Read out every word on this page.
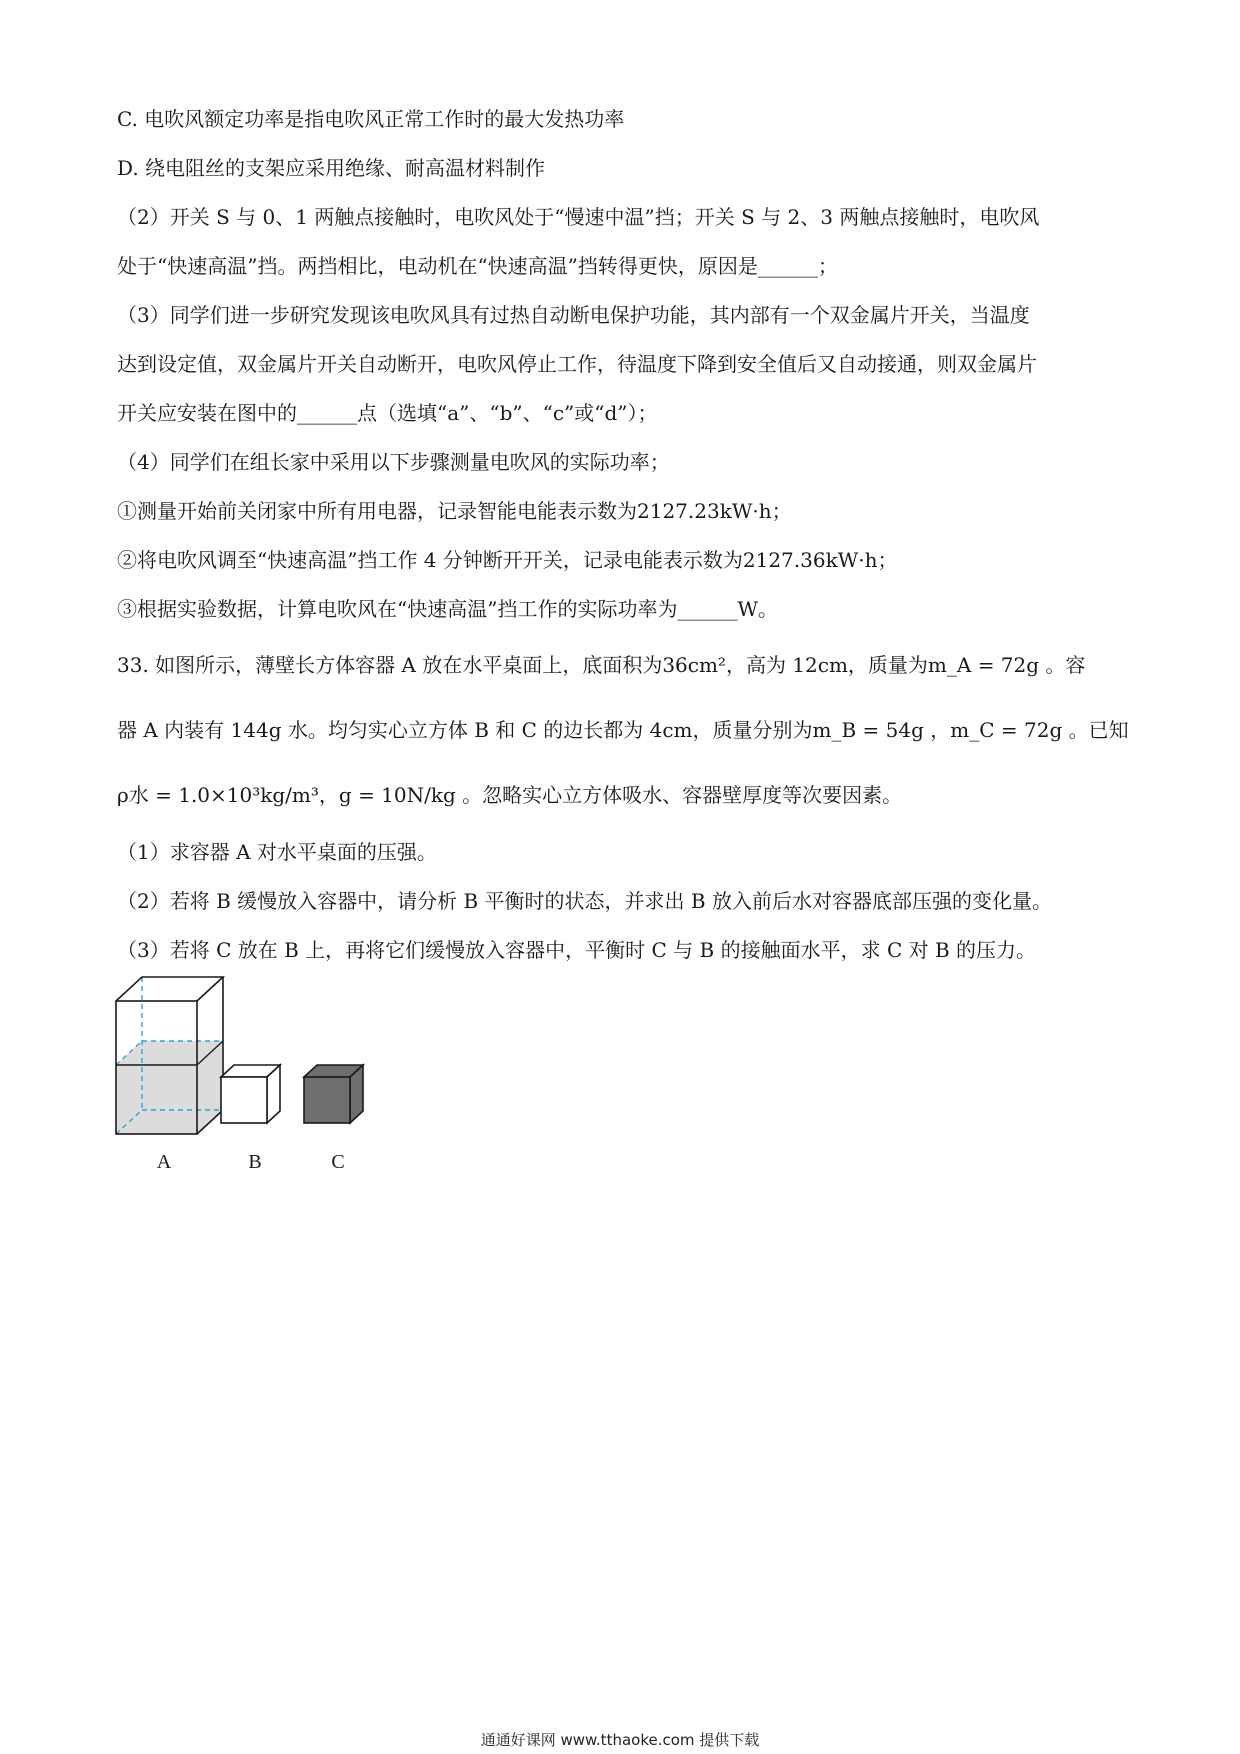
C. 电吹风额定功率是指电吹风正常工作时的最大发热功率
D. 绕电阻丝的支架应采用绝缘、耐高温材料制作
（2）开关 S 与 0、1 两触点接触时，电吹风处于“慢速中温”挡；开关 S 与 2、3 两触点接触时，电吹风
处于“快速高温”挡。两挡相比，电动机在“快速高温”挡转得更快，原因是______；
（3）同学们进一步研究发现该电吹风具有过热自动断电保护功能，其内部有一个双金属片开关，当温度
达到设定值，双金属片开关自动断开，电吹风停止工作，待温度下降到安全值后又自动接通，则双金属片
开关应安装在图中的______点（选填“a”、“b”、“c”或“d”）；
（4）同学们在组长家中采用以下步骤测量电吹风的实际功率；
①测量开始前关闭家中所有用电器，记录智能电能表示数为2127.23kW·h；
②将电吹风调至“快速高温”挡工作 4 分钟断开开关，记录电能表示数为2127.36kW·h；
③根据实验数据，计算电吹风在“快速高温”挡工作的实际功率为______W。
33. 如图所示，薄壁长方体容器 A 放在水平桌面上，底面积为36cm²，高为 12cm，质量为m_A = 72g 。容
器 A 内装有 144g 水。均匀实心立方体 B 和 C 的边长都为 4cm，质量分别为m_B = 54g ，m_C = 72g 。已知
ρ水 = 1.0×10³kg/m³，g = 10N/kg 。忽略实心立方体吸水、容器壁厚度等次要因素。
（1）求容器 A 对水平桌面的压强。
（2）若将 B 缓慢放入容器中，请分析 B 平衡时的状态，并求出 B 放入前后水对容器底部压强的变化量。
（3）若将 C 放在 B 上，再将它们缓慢放入容器中，平衡时 C 与 B 的接触面水平，求 C 对 B 的压力。
A	B	C
通通好课网 www.tthaoke.com 提供下载
